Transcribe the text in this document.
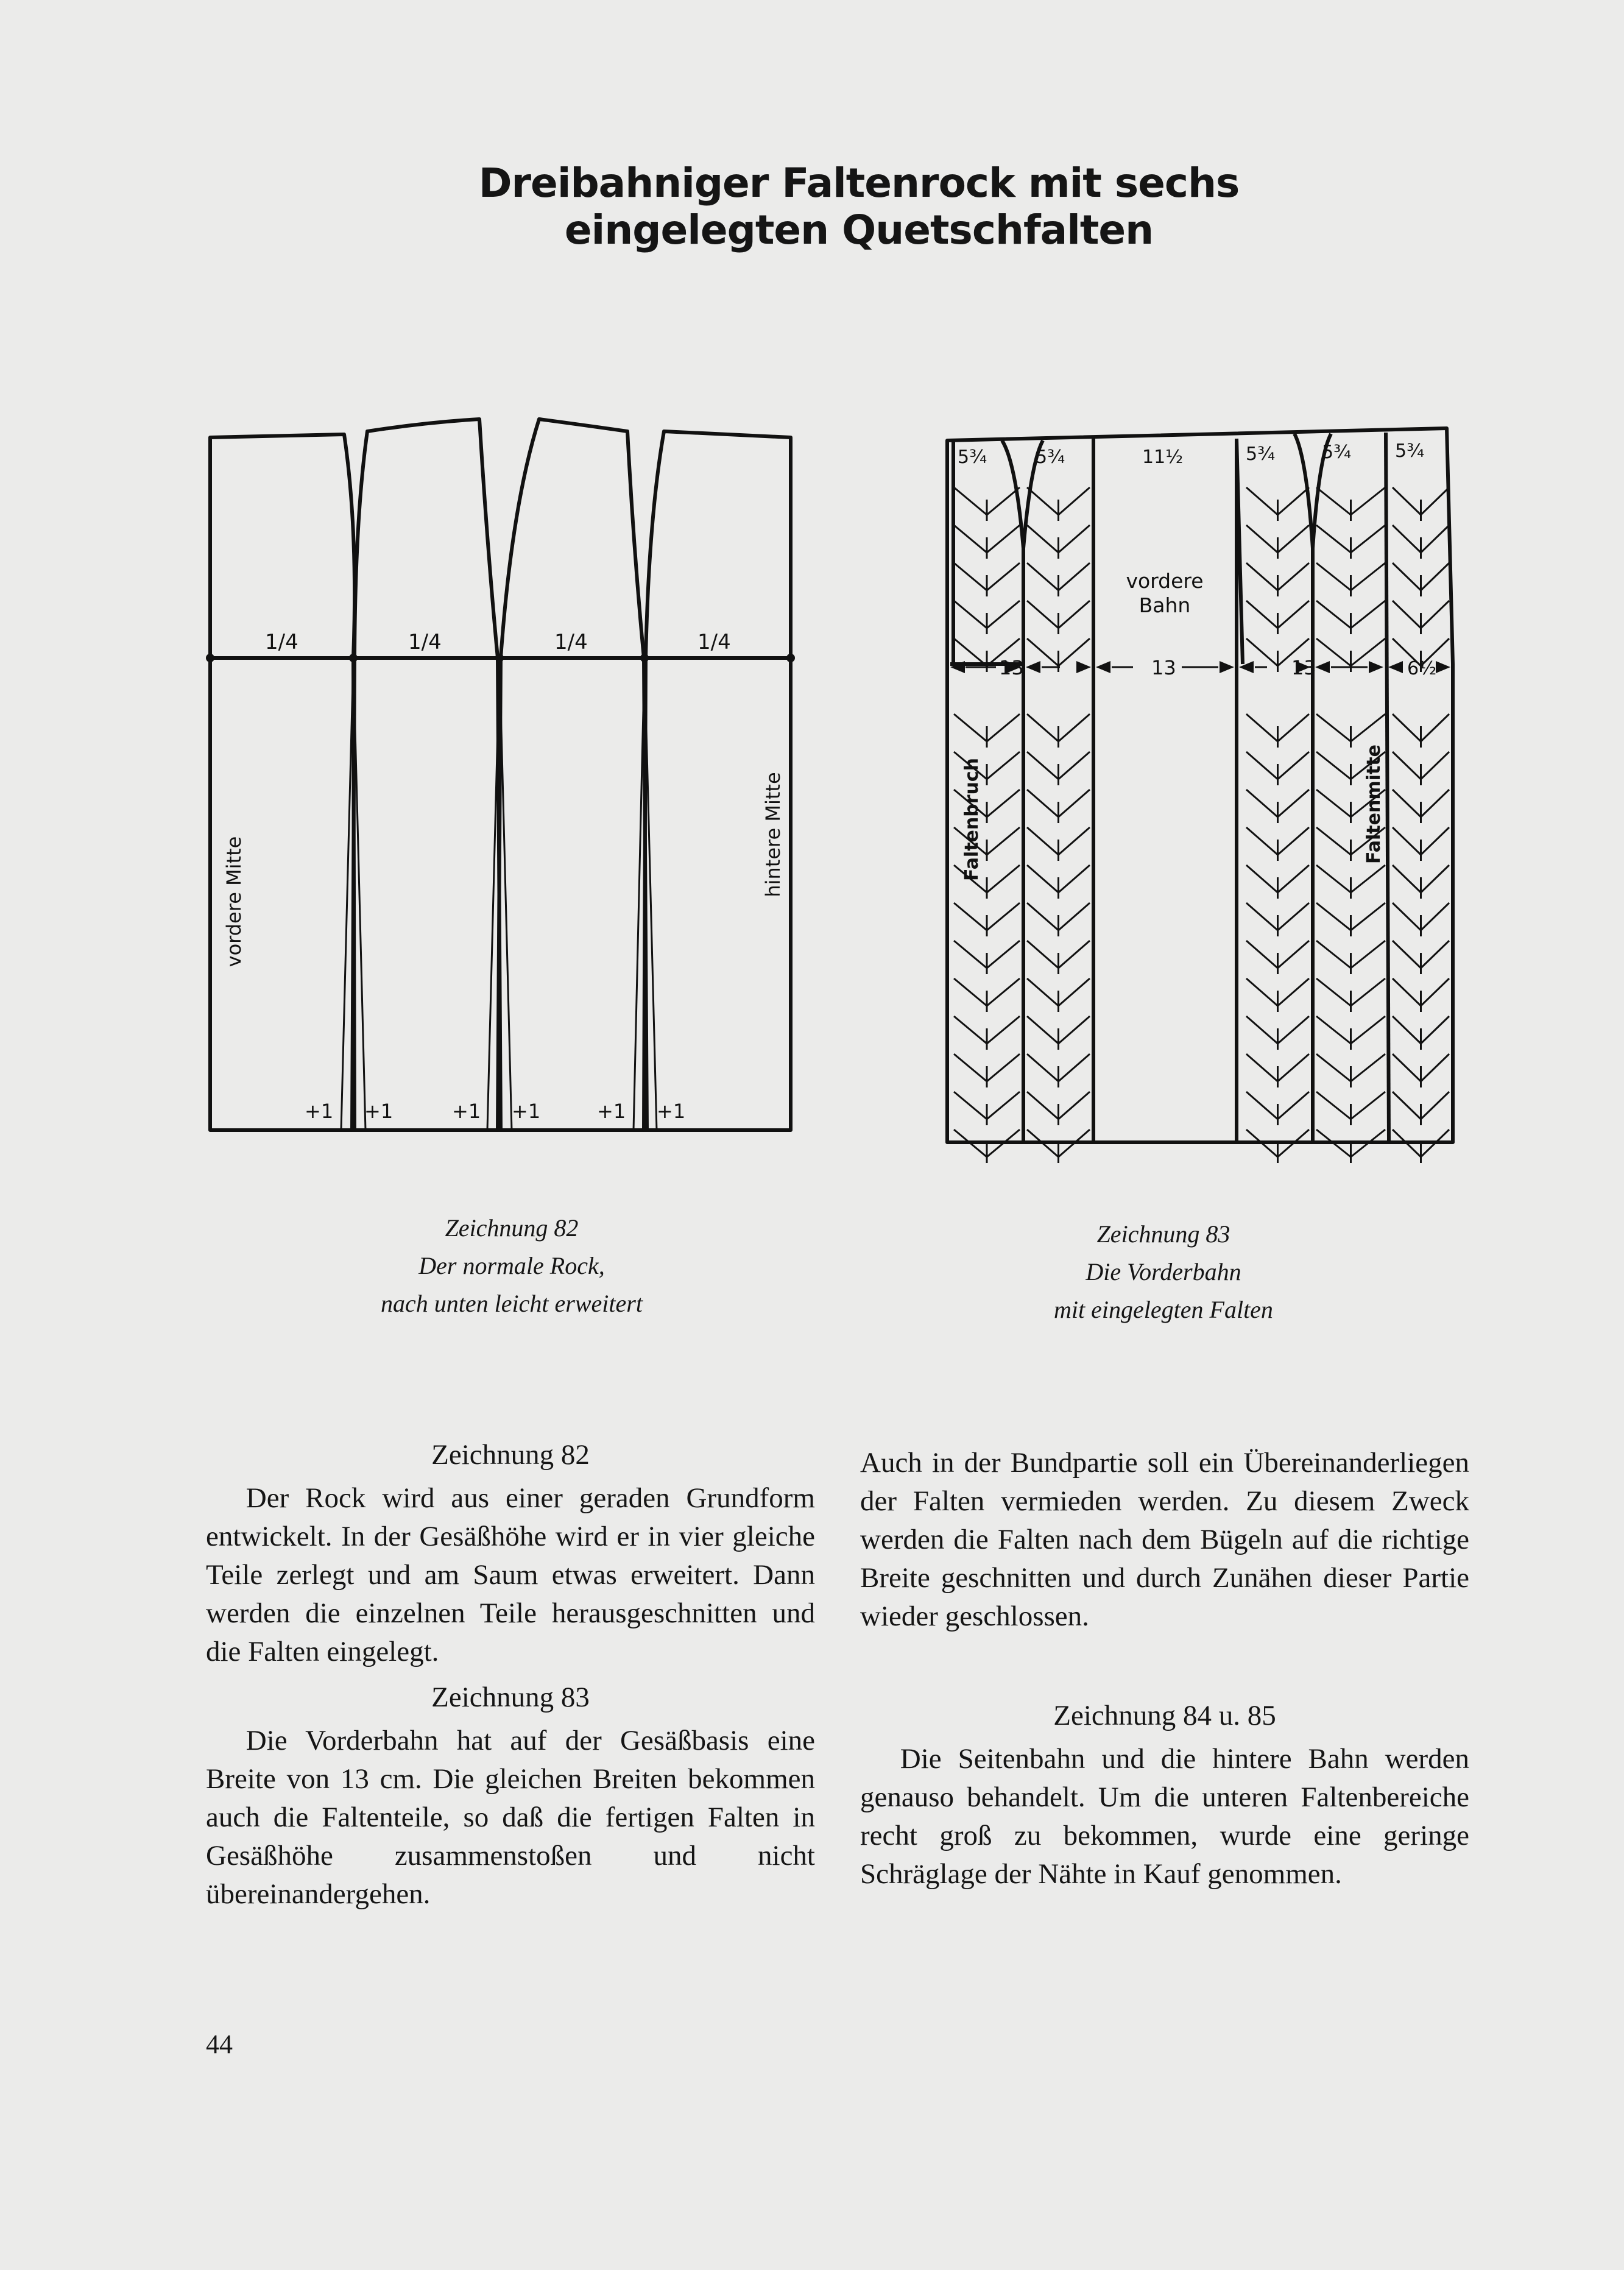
Dreibahniger Faltenrock mit sechs eingelegten Quetschfalten
1/4	1/4	1/4	1/4
vordere Mitte
hintere Mitte
+1 +1	+1 +1	+1 +1
5¾	5¾	11½	5¾	5¾ 5¾
vordere
Bahn
13	13	13	6½
Faltenbruch	Faltenmitte
Zeichnung 82
Der normale Rock,
nach unten leicht erweitert
Zeichnung 83
Die Vorderbahn
mit eingelegten Falten
Zeichnung 82

Der Rock wird aus einer geraden Grundform entwickelt. In der Gesäßhöhe wird er in vier gleiche Teile zerlegt und am Saum etwas erweitert. Dann werden die einzelnen Teile herausgeschnitten und die Falten eingelegt.

Zeichnung 83

Die Vorderbahn hat auf der Gesäßbasis eine Breite von 13 cm. Die gleichen Breiten bekommen auch die Faltenteile, so daß die fertigen Falten in Gesäßhöhe zusammenstoßen und nicht übereinandergehen.

Auch in der Bundpartie soll ein Übereinanderliegen der Falten vermieden werden. Zu diesem Zweck werden die Falten nach dem Bügeln auf die richtige Breite geschnitten und durch Zunähen dieser Partie wieder geschlossen.

Zeichnung 84 u. 85

Die Seitenbahn und die hintere Bahn werden genauso behandelt. Um die unteren Faltenbereiche recht groß zu bekommen, wurde eine geringe Schräglage der Nähte in Kauf genommen.

44
